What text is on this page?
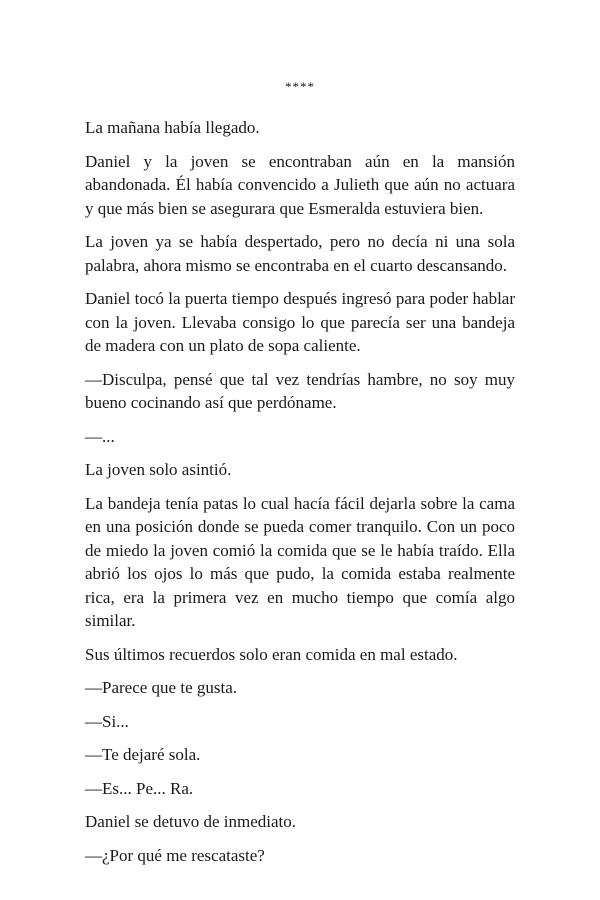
****

La mañana había llegado.

Daniel y la joven se encontraban aún en la mansión abandonada. Él había convencido a Julieth que aún no actuara y que más bien se asegurara que Esmeralda estuviera bien.

La joven ya se había despertado, pero no decía ni una sola palabra, ahora mismo se encontraba en el cuarto descansando.

Daniel tocó la puerta tiempo después ingresó para poder hablar con la joven. Llevaba consigo lo que parecía ser una bandeja de madera con un plato de sopa caliente.

—Disculpa, pensé que tal vez tendrías hambre, no soy muy bueno cocinando así que perdóname.

—...

La joven solo asintió.

La bandeja tenía patas lo cual hacía fácil dejarla sobre la cama en una posición donde se pueda comer tranquilo. Con un poco de miedo la joven comió la comida que se le había traído. Ella abrió los ojos lo más que pudo, la comida estaba realmente rica, era la primera vez en mucho tiempo que comía algo similar.

Sus últimos recuerdos solo eran comida en mal estado.

—Parece que te gusta.

—Si...

—Te dejaré sola.

—Es... Pe... Ra.

Daniel se detuvo de inmediato.

—¿Por qué me rescataste?
